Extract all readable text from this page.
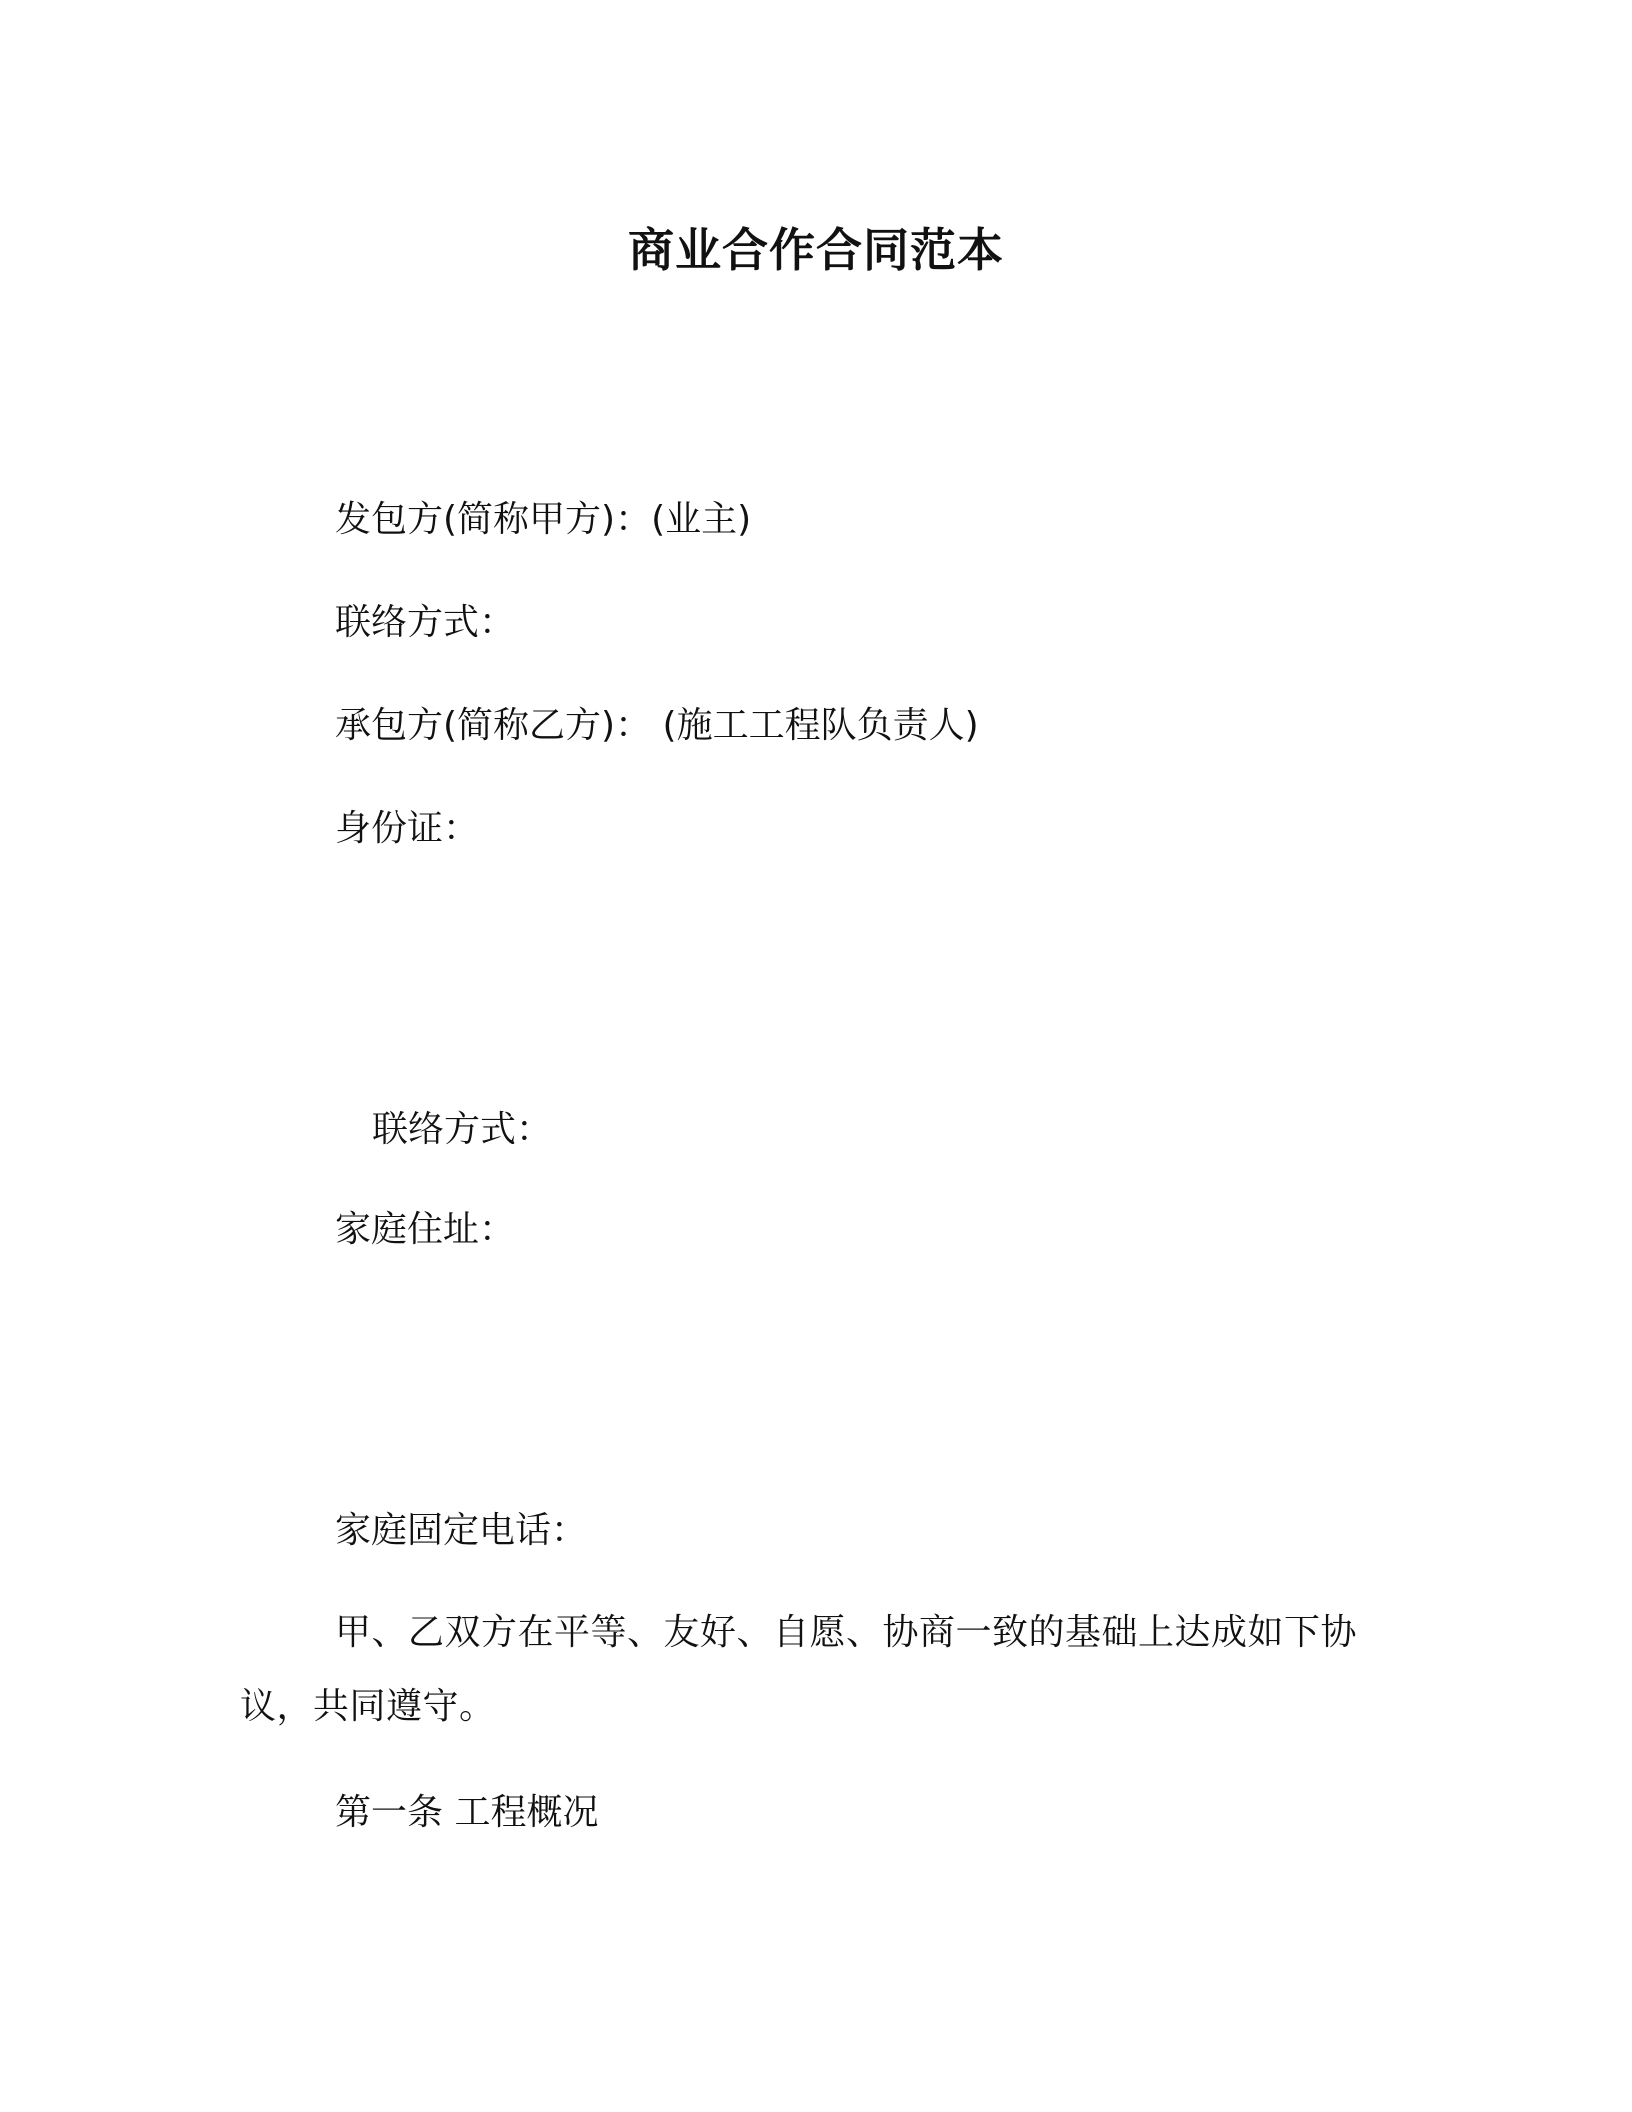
商业合作合同范本
发包方(简称甲方)：(业主)
联络方式：
承包方(简称乙方)： (施工工程队负责人)
身份证：
联络方式：
家庭住址：
家庭固定电话：
甲、乙双方在平等、友好、自愿、协商一致的基础上达成如下协议，共同遵守。
第一条 工程概况
